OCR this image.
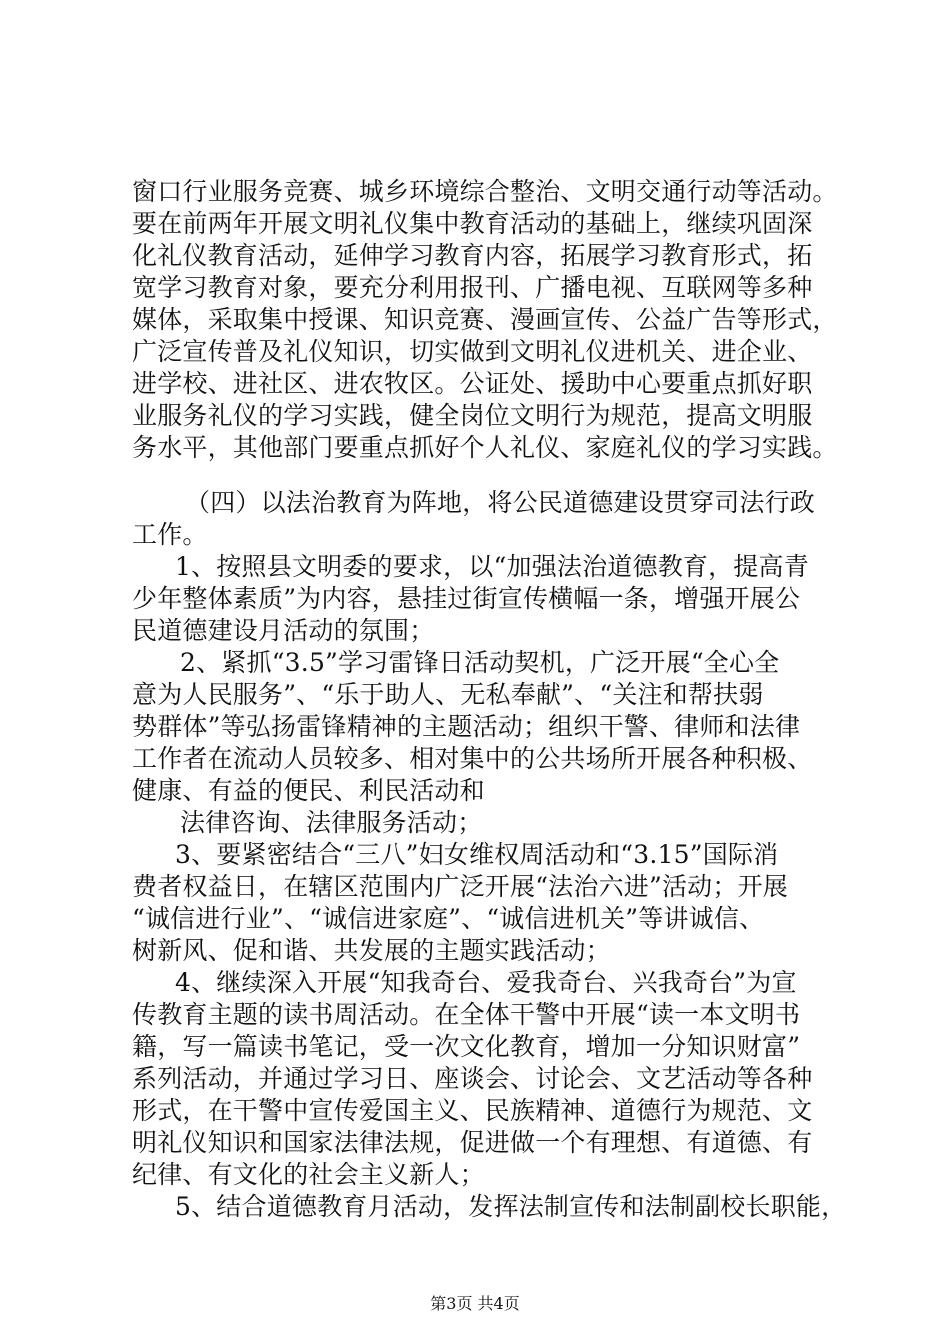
窗口行业服务竞赛、城乡环境综合整治、文明交通行动等活动。
要在前两年开展文明礼仪集中教育活动的基础上，继续巩固深
化礼仪教育活动，延伸学习教育内容，拓展学习教育形式，拓
宽学习教育对象，要充分利用报刊、广播电视、互联网等多种
媒体，采取集中授课、知识竞赛、漫画宣传、公益广告等形式，
广泛宣传普及礼仪知识，切实做到文明礼仪进机关、进企业、
进学校、进社区、进农牧区。公证处、援助中心要重点抓好职
业服务礼仪的学习实践，健全岗位文明行为规范，提高文明服
务水平，其他部门要重点抓好个人礼仪、家庭礼仪的学习实践。
（四）以法治教育为阵地，将公民道德建设贯穿司法行政
工作。
1、按照县文明委的要求，以“加强法治道德教育，提高青
少年整体素质”为内容，悬挂过街宣传横幅一条，增强开展公
民道德建设月活动的氛围；
2、紧抓“3.5”学习雷锋日活动契机，广泛开展“全心全
意为人民服务”、“乐于助人、无私奉献”、“关注和帮扶弱
势群体”等弘扬雷锋精神的主题活动；组织干警、律师和法律
工作者在流动人员较多、相对集中的公共场所开展各种积极、
健康、有益的便民、利民活动和
法律咨询、法律服务活动；
3、要紧密结合“三八”妇女维权周活动和“3.15”国际消
费者权益日，在辖区范围内广泛开展“法治六进”活动；开展
“诚信进行业”、“诚信进家庭”、“诚信进机关”等讲诚信、
树新风、促和谐、共发展的主题实践活动；
4、继续深入开展“知我奇台、爱我奇台、兴我奇台”为宣
传教育主题的读书周活动。在全体干警中开展“读一本文明书
籍，写一篇读书笔记，受一次文化教育，增加一分知识财富”
系列活动，并通过学习日、座谈会、讨论会、文艺活动等各种
形式，在干警中宣传爱国主义、民族精神、道德行为规范、文
明礼仪知识和国家法律法规，促进做一个有理想、有道德、有
纪律、有文化的社会主义新人；
5、结合道德教育月活动，发挥法制宣传和法制副校长职能，
第3页 共4页
